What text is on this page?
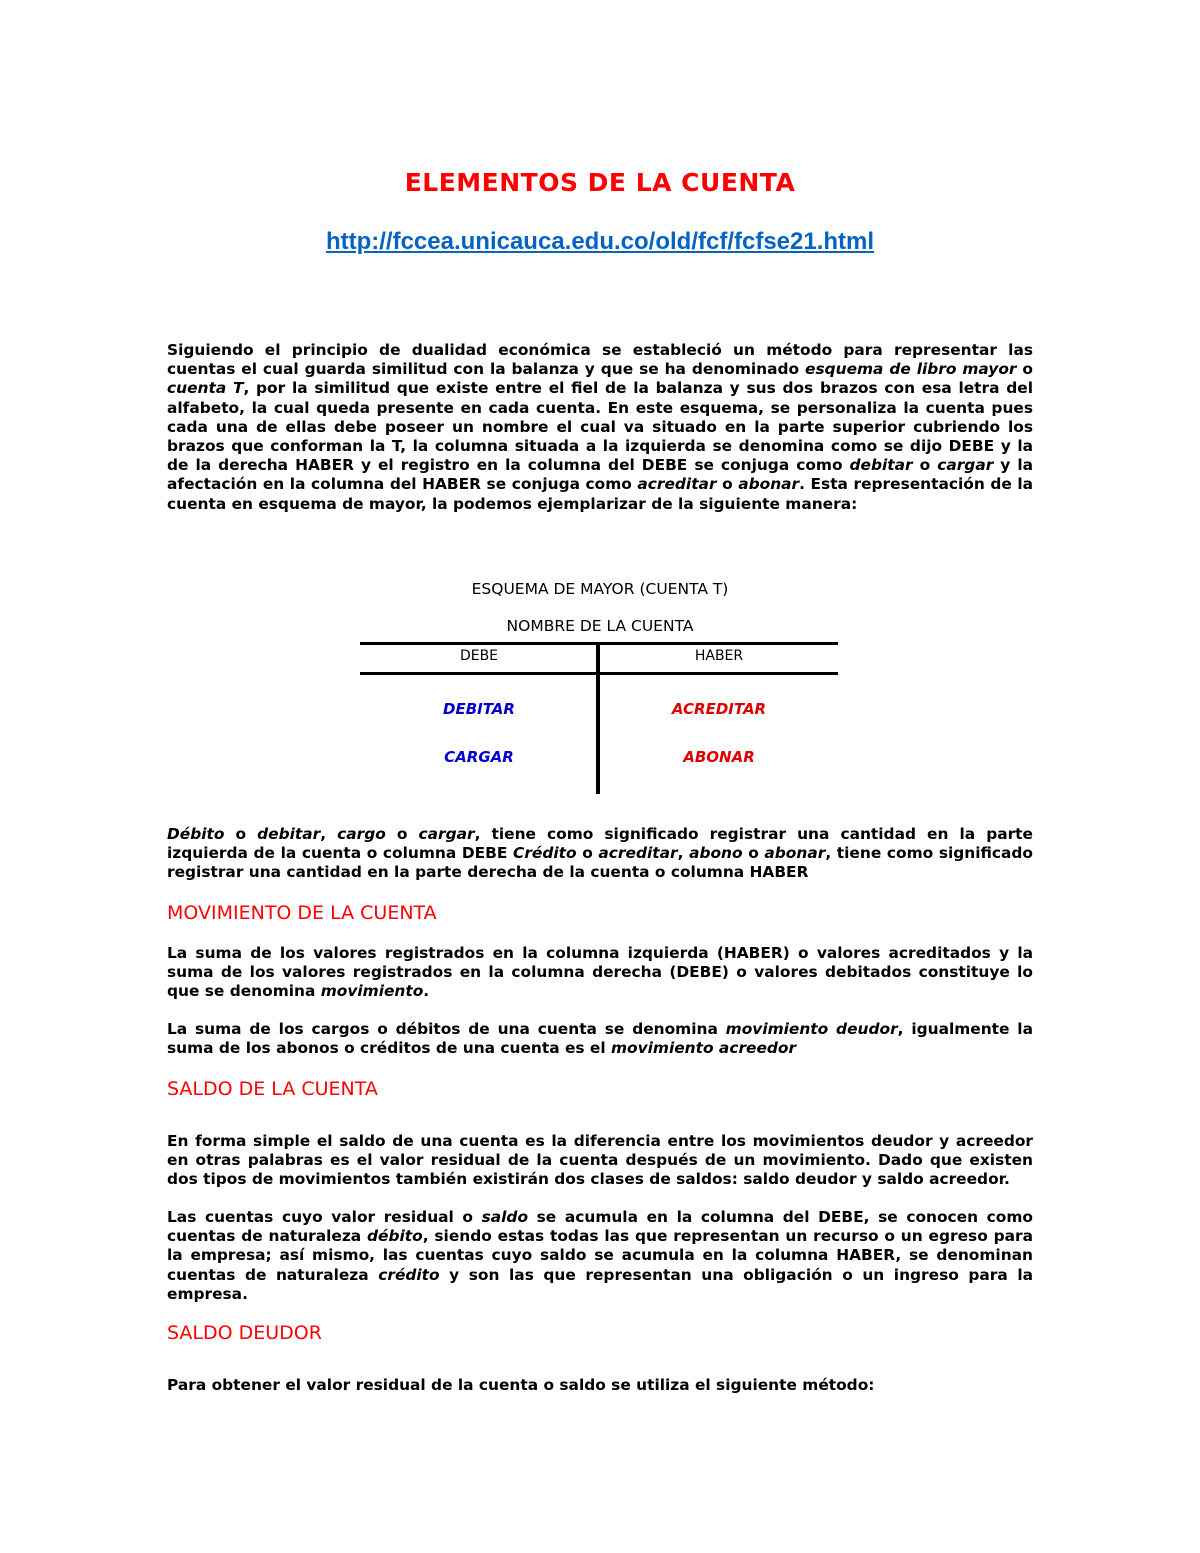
ELEMENTOS DE LA CUENTA
http://fccea.unicauca.edu.co/old/fcf/fcfse21.html

Siguiendo el principio de dualidad económica se estableció un método para representar las cuentas el cual guarda similitud con la balanza y que se ha denominado esquema de libro mayor o cuenta T, por la similitud que existe entre el fiel de la balanza y sus dos brazos con esa letra del alfabeto, la cual queda presente en cada cuenta. En este esquema, se personaliza la cuenta pues cada una de ellas debe poseer un nombre el cual va situado en la parte superior cubriendo los brazos que conforman la T, la columna situada a la izquierda se denomina como se dijo DEBE y la de la derecha HABER y el registro en la columna del DEBE se conjuga como debitar o cargar y la afectación en la columna del HABER se conjuga como acreditar o abonar. Esta representación de la cuenta en esquema de mayor, la podemos ejemplarizar de la siguiente manera:

ESQUEMA DE MAYOR (CUENTA T)

NOMBRE DE LA CUENTA

DEBE	HABER
DEBITAR
CARGAR
ACREDITAR
ABONAR

Débito o debitar, cargo o cargar, tiene como significado registrar una cantidad en la parte izquierda de la cuenta o columna DEBE Crédito o acreditar, abono o abonar, tiene como significado registrar una cantidad en la parte derecha de la cuenta o columna HABER

MOVIMIENTO DE LA CUENTA

La suma de los valores registrados en la columna izquierda (HABER) o valores acreditados y la suma de los valores registrados en la columna derecha (DEBE) o valores debitados constituye lo que se denomina movimiento.

La suma de los cargos o débitos de una cuenta se denomina movimiento deudor, igualmente la suma de los abonos o créditos de una cuenta es el movimiento acreedor

SALDO DE LA CUENTA

En forma simple el saldo de una cuenta es la diferencia entre los movimientos deudor y acreedor en otras palabras es el valor residual de la cuenta después de un movimiento. Dado que existen dos tipos de movimientos también existirán dos clases de saldos: saldo deudor y saldo acreedor.

Las cuentas cuyo valor residual o saldo se acumula en la columna del DEBE, se conocen como cuentas de naturaleza débito, siendo estas todas las que representan un recurso o un egreso para la empresa; así mismo, las cuentas cuyo saldo se acumula en la columna HABER, se denominan cuentas de naturaleza crédito y son las que representan una obligación o un ingreso para la empresa.

SALDO DEUDOR

Para obtener el valor residual de la cuenta o saldo se utiliza el siguiente método:
